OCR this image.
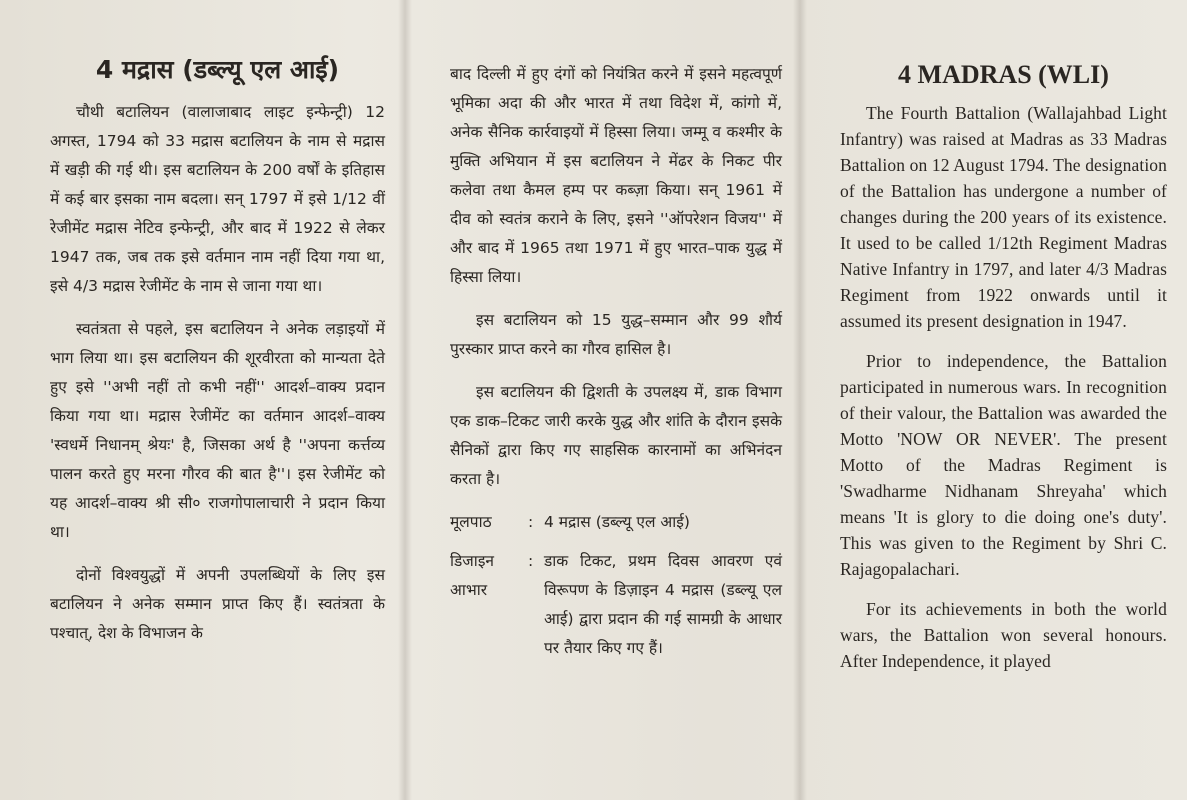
4 मद्रास (डब्ल्यू एल आई)

चौथी बटालियन (वालाजाबाद लाइट इन्फेन्ट्री) 12 अगस्त, 1794 को 33 मद्रास बटालियन के नाम से मद्रास में खड़ी की गई थी। इस बटालियन के 200 वर्षों के इतिहास में कई बार इसका नाम बदला। सन् 1797 में इसे 1/12 वीं रेजीमेंट मद्रास नेटिव इन्फेन्ट्री, और बाद में 1922 से लेकर 1947 तक, जब तक इसे वर्तमान नाम नहीं दिया गया था, इसे 4/3 मद्रास रेजीमेंट के नाम से जाना गया था।

स्वतंत्रता से पहले, इस बटालियन ने अनेक लड़ाइयों में भाग लिया था। इस बटालियन की शूरवीरता को मान्यता देते हुए इसे ''अभी नहीं तो कभी नहीं'' आदर्श–वाक्य प्रदान किया गया था। मद्रास रेजीमेंट का वर्तमान आदर्श–वाक्य 'स्वधर्मे निधानम् श्रेयः' है, जिसका अर्थ है ''अपना कर्त्तव्य पालन करते हुए मरना गौरव की बात है''। इस रेजीमेंट को यह आदर्श–वाक्य श्री सी० राजगोपालाचारी ने प्रदान किया था।

दोनों विश्वयुद्धों में अपनी उपलब्धियों के लिए इस बटालियन ने अनेक सम्मान प्राप्त किए हैं। स्वतंत्रता के पश्चात्, देश के विभाजन के

बाद दिल्ली में हुए दंगों को नियंत्रित करने में इसने महत्वपूर्ण भूमिका अदा की और भारत में तथा विदेश में, कांगो में, अनेक सैनिक कार्रवाइयों में हिस्सा लिया। जम्मू व कश्मीर के मुक्ति अभियान में इस बटालियन ने मेंढर के निकट पीर कलेवा तथा कैमल हम्प पर कब्ज़ा किया। सन् 1961 में दीव को स्वतंत्र कराने के लिए, इसने ''ऑपरेशन विजय'' में और बाद में 1965 तथा 1971 में हुए भारत–पाक युद्ध में हिस्सा लिया।

इस बटालियन को 15 युद्ध–सम्मान और 99 शौर्य पुरस्कार प्राप्त करने का गौरव हासिल है।

इस बटालियन की द्विशती के उपलक्ष्य में, डाक विभाग एक डाक–टिकट जारी करके युद्ध और शांति के दौरान इसके सैनिकों द्वारा किए गए साहसिक कारनामों का अभिनंदन करता है।

मूलपाठ	: 4 मद्रास (डब्ल्यू एल आई)
डिजाइन आभार
: डाक टिकट, प्रथम दिवस आवरण एवं विरूपण के डिज़ाइन 4 मद्रास (डब्ल्यू एल आई) द्वारा प्रदान की गई सामग्री के आधार पर तैयार किए गए हैं।
4 MADRAS (WLI)

The Fourth Battalion (Wallajahbad Light Infantry) was raised at Madras as 33 Madras Battalion on 12 August 1794. The designation of the Battalion has undergone a number of changes during the 200 years of its existence. It used to be called 1/12th Regiment Madras Native Infantry in 1797, and later 4/3 Madras Regiment from 1922 onwards until it assumed its present designation in 1947.

Prior to independence, the Battalion participated in numerous wars. In recognition of their valour, the Battalion was awarded the Motto 'NOW OR NEVER'. The present Motto of the Madras Regiment is 'Swadharme Nidhanam Shreyaha' which means 'It is glory to die doing one's duty'. This was given to the Regiment by Shri C. Rajagopalachari.

For its achievements in both the world wars, the Battalion won several honours. After Independence, it played
